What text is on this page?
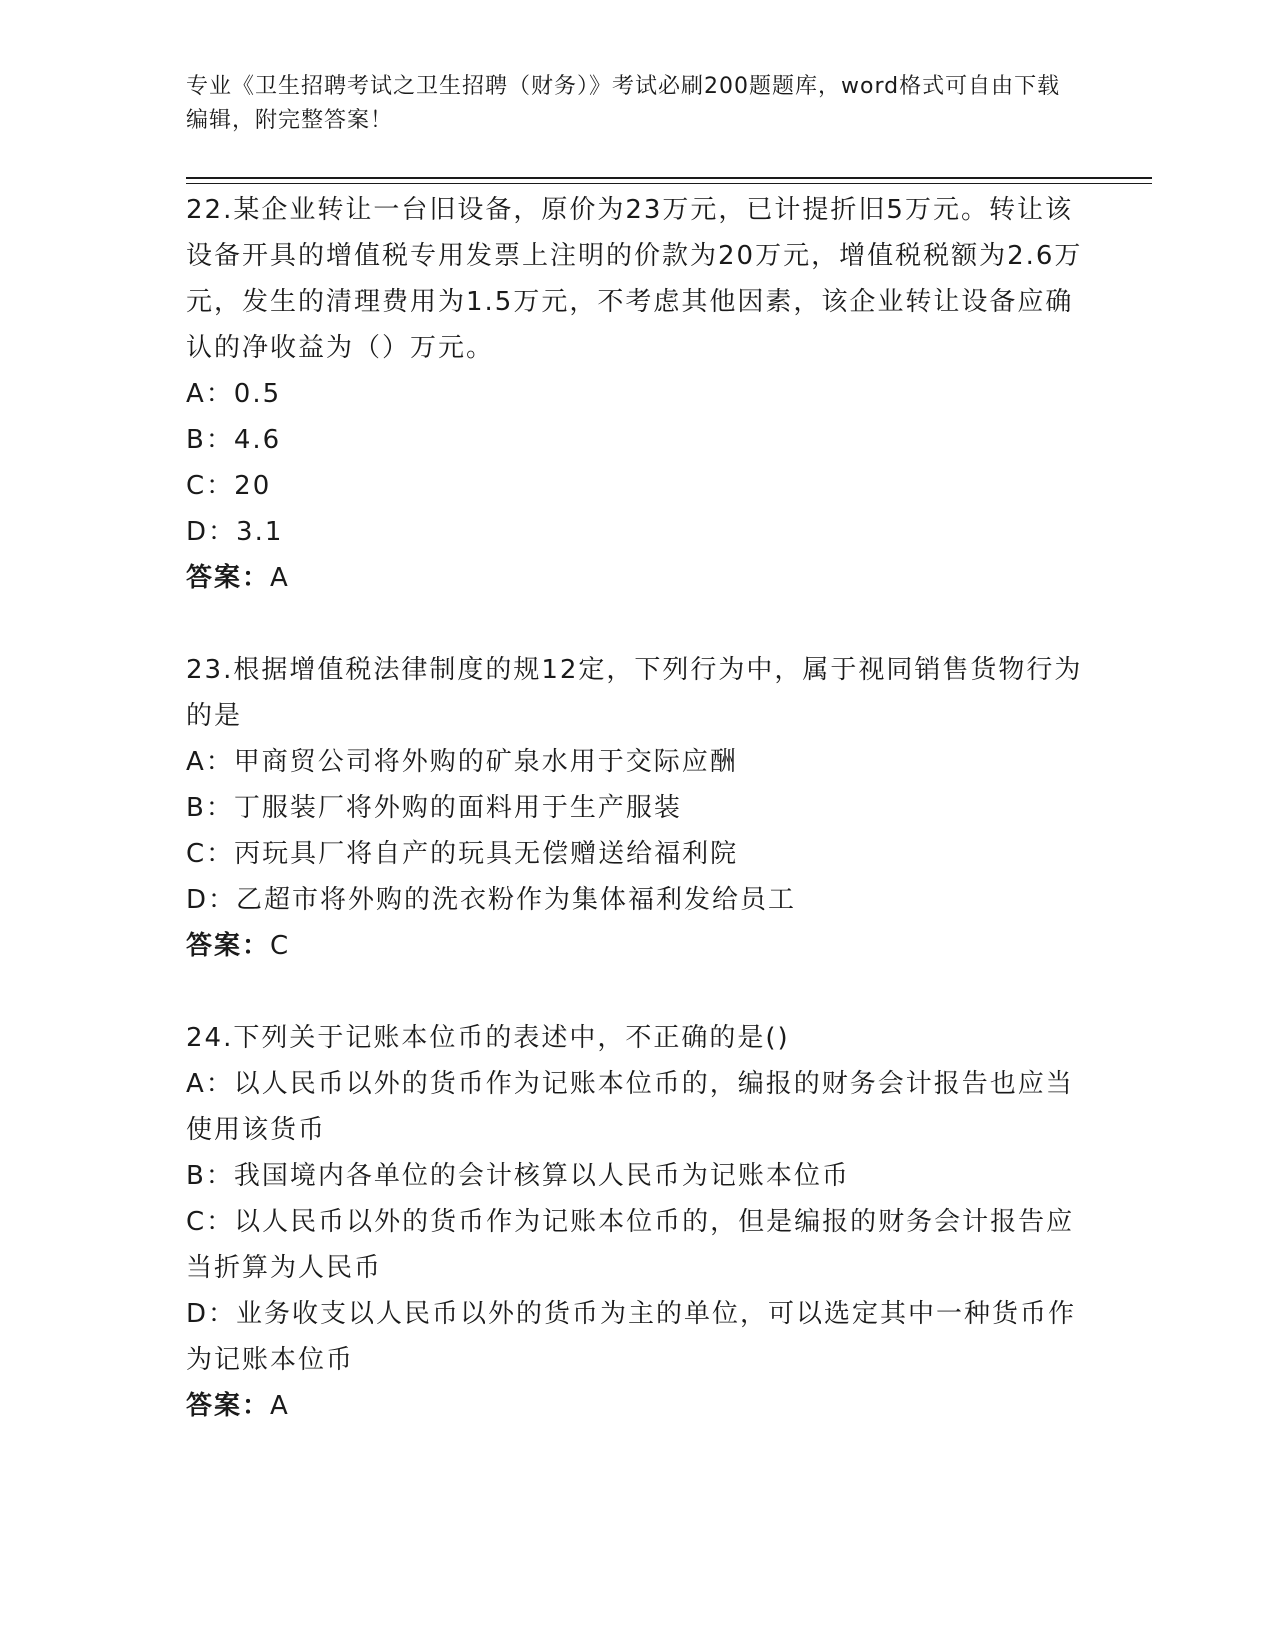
专业《卫生招聘考试之卫生招聘（财务）》考试必刷200题题库，word格式可自由下载编辑，附完整答案！
22.某企业转让一台旧设备，原价为23万元，已计提折旧5万元。转让该设备开具的增值税专用发票上注明的价款为20万元，增值税税额为2.6万元，发生的清理费用为1.5万元，不考虑其他因素，该企业转让设备应确认的净收益为（）万元。
A：0.5
B：4.6
C：20
D：3.1
答案：A
23.根据增值税法律制度的规12定，下列行为中，属于视同销售货物行为的是
A：甲商贸公司将外购的矿泉水用于交际应酬
B：丁服装厂将外购的面料用于生产服装
C：丙玩具厂将自产的玩具无偿赠送给福利院
D：乙超市将外购的洗衣粉作为集体福利发给员工
答案：C
24.下列关于记账本位币的表述中，不正确的是()
A：以人民币以外的货币作为记账本位币的，编报的财务会计报告也应当使用该货币
B：我国境内各单位的会计核算以人民币为记账本位币
C：以人民币以外的货币作为记账本位币的，但是编报的财务会计报告应当折算为人民币
D：业务收支以人民币以外的货币为主的单位，可以选定其中一种货币作为记账本位币
答案：A
